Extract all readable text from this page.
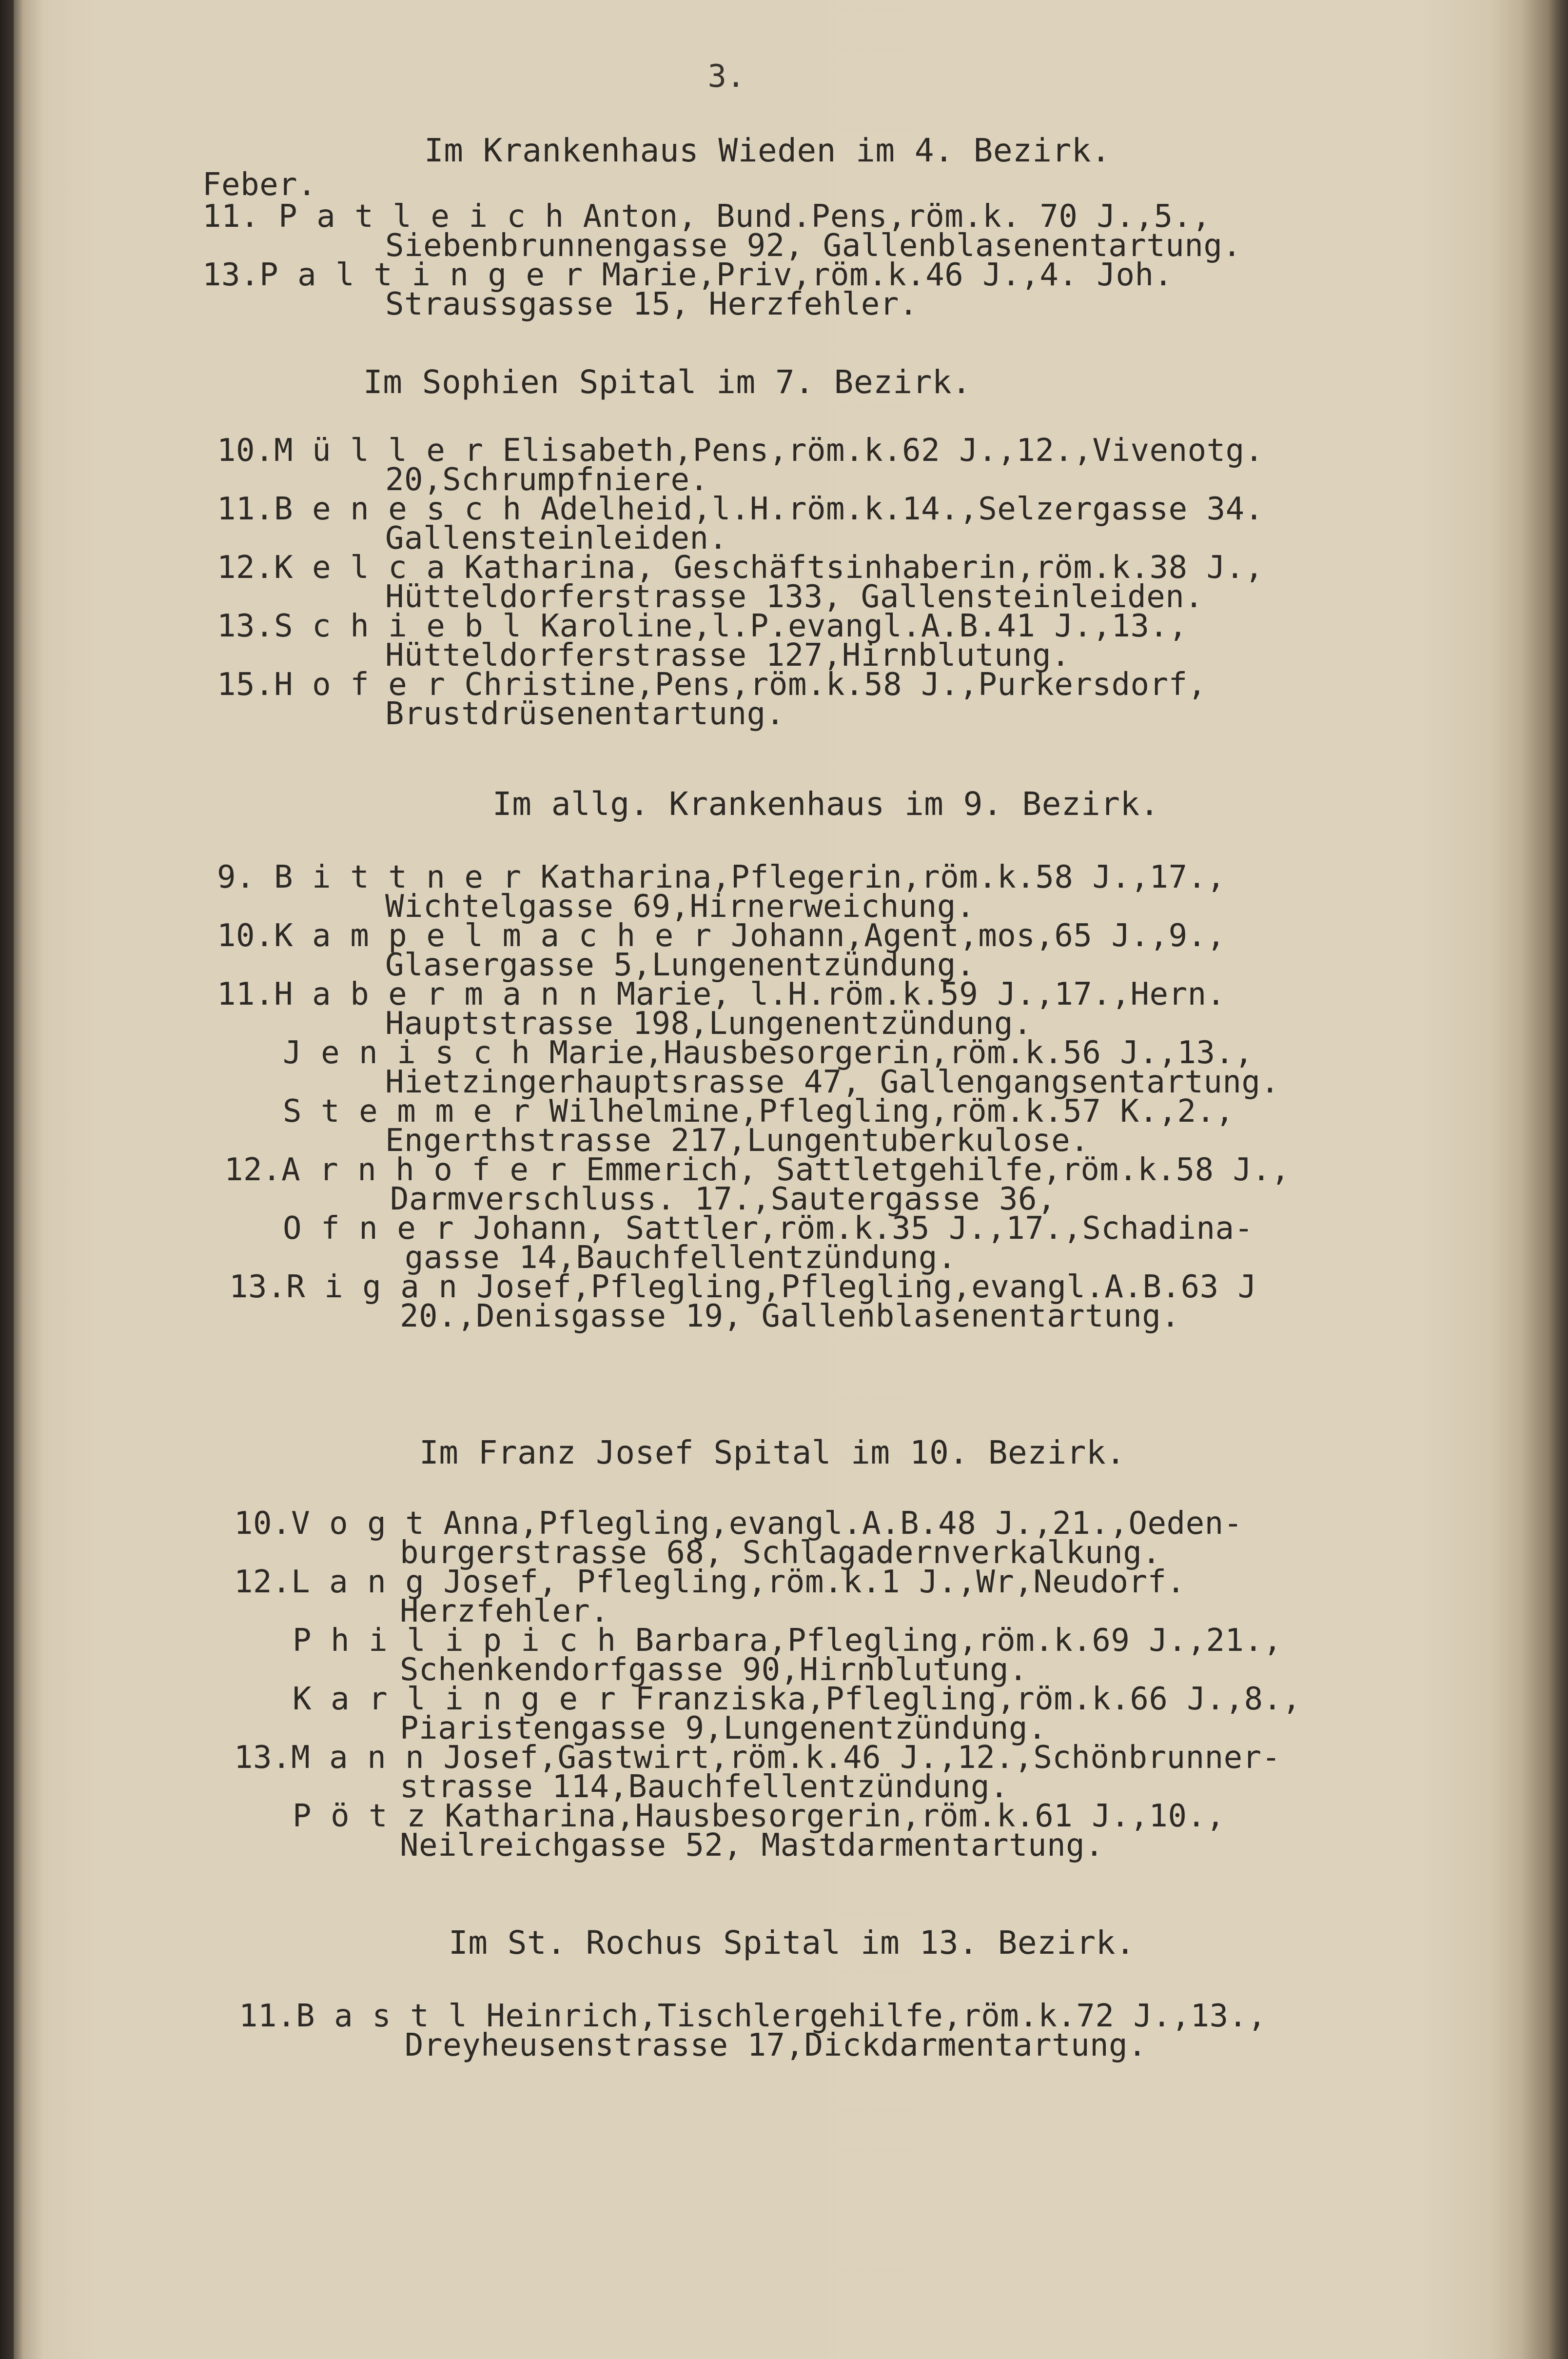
3.
Im Krankenhaus Wieden im 4. Bezirk.
Feber.
11. P a t l e i c h Anton, Bund.Pens,röm.k. 70 J.,5.,
Siebenbrunnengasse 92, Gallenblasenentartung.
13.P a l t i n g e r Marie,Priv,röm.k.46 J.,4. Joh.
Straussgasse 15, Herzfehler.
Im Sophien Spital im 7. Bezirk.
10.M ü l l e r Elisabeth,Pens,röm.k.62 J.,12.,Vivenotg.
20,Schrumpfniere.
11.B e n e s c h Adelheid,l.H.röm.k.14.,Selzergasse 34.
Gallensteinleiden.
12.K e l c a Katharina, Geschäftsinhaberin,röm.k.38 J.,
Hütteldorferstrasse 133, Gallensteinleiden.
13.S c h i e b l Karoline,l.P.evangl.A.B.41 J.,13.,
Hütteldorferstrasse 127,Hirnblutung.
15.H o f e r Christine,Pens,röm.k.58 J.,Purkersdorf,
Brustdrüsenentartung.
Im allg. Krankenhaus im 9. Bezirk.
9. B i t t n e r Katharina,Pflegerin,röm.k.58 J.,17.,
Wichtelgasse 69,Hirnerweichung.
10.K a m p e l m a c h e r Johann,Agent,mos,65 J.,9.,
Glasergasse 5,Lungenentzündung.
11.H a b e r m a n n Marie, l.H.röm.k.59 J.,17.,Hern.
Hauptstrasse 198,Lungenentzündung.
J e n i s c h Marie,Hausbesorgerin,röm.k.56 J.,13.,
Hietzingerhauptsrasse 47, Gallengangsentartung.
S t e m m e r Wilhelmine,Pflegling,röm.k.57 K.,2.,
Engerthstrasse 217,Lungentuberkulose.
12.A r n h o f e r Emmerich, Sattletgehilfe,röm.k.58 J.,
Darmverschluss. 17.,Sautergasse 36,
O f n e r Johann, Sattler,röm.k.35 J.,17.,Schadina-
gasse 14,Bauchfellentzündung.
13.R i g a n Josef,Pflegling,Pflegling,evangl.A.B.63 J
20.,Denisgasse 19, Gallenblasenentartung.
Im Franz Josef Spital im 10. Bezirk.
10.V o g t Anna,Pflegling,evangl.A.B.48 J.,21.,Oeden-
burgerstrasse 68, Schlagadernverkalkung.
12.L a n g Josef, Pflegling,röm.k.1 J.,Wr,Neudorf.
Herzfehler.
P h i l i p i c h Barbara,Pflegling,röm.k.69 J.,21.,
Schenkendorfgasse 90,Hirnblutung.
K a r l i n g e r Franziska,Pflegling,röm.k.66 J.,8.,
Piaristengasse 9,Lungenentzündung.
13.M a n n Josef,Gastwirt,röm.k.46 J.,12.,Schönbrunner-
strasse 114,Bauchfellentzündung.
P ö t z Katharina,Hausbesorgerin,röm.k.61 J.,10.,
Neilreichgasse 52, Mastdarmentartung.
Im St. Rochus Spital im 13. Bezirk.
11.B a s t l Heinrich,Tischlergehilfe,röm.k.72 J.,13.,
Dreyheusenstrasse 17,Dickdarmentartung.
